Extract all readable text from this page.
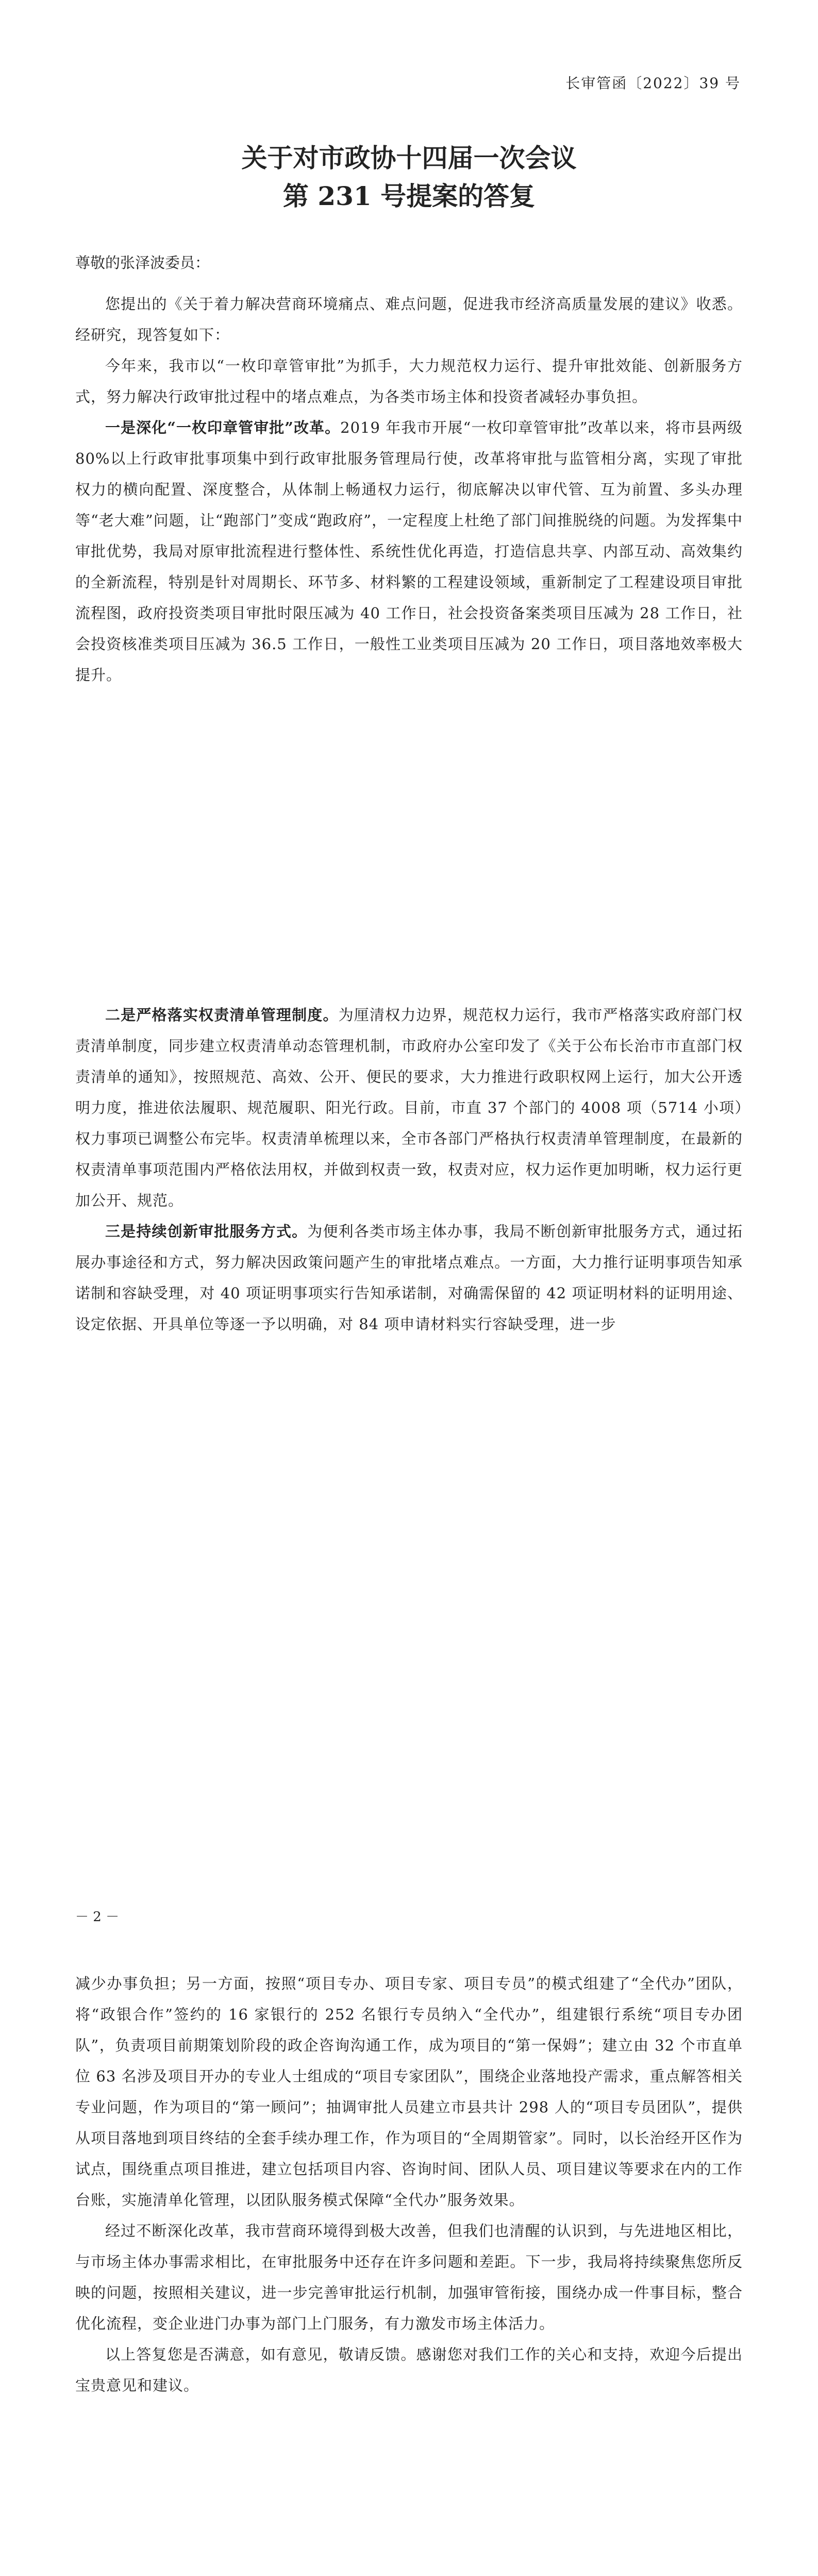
长审管函〔2022〕39 号
关于对市政协十四届一次会议
第 231 号提案的答复
尊敬的张泽波委员：

您提出的《关于着力解决营商环境痛点、难点问题，促进我市经济高质量发展的建议》收悉。经研究，现答复如下：

今年来，我市以“一枚印章管审批”为抓手，大力规范权力运行、提升审批效能、创新服务方式，努力解决行政审批过程中的堵点难点，为各类市场主体和投资者减轻办事负担。

一是深化“一枚印章管审批”改革。2019 年我市开展“一枚印章管审批”改革以来，将市县两级 80%以上行政审批事项集中到行政审批服务管理局行使，改革将审批与监管相分离，实现了审批权力的横向配置、深度整合，从体制上畅通权力运行，彻底解决以审代管、互为前置、多头办理等“老大难”问题，让“跑部门”变成“跑政府”，一定程度上杜绝了部门间推脱绕的问题。为发挥集中审批优势，我局对原审批流程进行整体性、系统性优化再造，打造信息共享、内部互动、高效集约的全新流程，特别是针对周期长、环节多、材料繁的工程建设领域，重新制定了工程建设项目审批流程图，政府投资类项目审批时限压减为 40 工作日，社会投资备案类项目压减为 28 工作日，社会投资核准类项目压减为 36.5 工作日，一般性工业类项目压减为 20 工作日，项目落地效率极大提升。

二是严格落实权责清单管理制度。为厘清权力边界，规范权力运行，我市严格落实政府部门权责清单制度，同步建立权责清单动态管理机制，市政府办公室印发了《关于公布长治市市直部门权责清单的通知》，按照规范、高效、公开、便民的要求，大力推进行政职权网上运行，加大公开透明力度，推进依法履职、规范履职、阳光行政。目前，市直 37 个部门的 4008 项（5714 小项）权力事项已调整公布完毕。权责清单梳理以来，全市各部门严格执行权责清单管理制度，在最新的权责清单事项范围内严格依法用权，并做到权责一致，权责对应，权力运作更加明晰，权力运行更加公开、规范。

三是持续创新审批服务方式。为便利各类市场主体办事，我局不断创新审批服务方式，通过拓展办事途径和方式，努力解决因政策问题产生的审批堵点难点。一方面，大力推行证明事项告知承诺制和容缺受理，对 40 项证明事项实行告知承诺制，对确需保留的 42 项证明材料的证明用途、设定依据、开具单位等逐一予以明确，对 84 项申请材料实行容缺受理，进一步

－ 2 －

减少办事负担；另一方面，按照“项目专办、项目专家、项目专员”的模式组建了“全代办”团队，将“政银合作”签约的 16 家银行的 252 名银行专员纳入“全代办”，组建银行系统“项目专办团队”，负责项目前期策划阶段的政企咨询沟通工作，成为项目的“第一保姆”；建立由 32 个市直单位 63 名涉及项目开办的专业人士组成的“项目专家团队”，围绕企业落地投产需求，重点解答相关专业问题，作为项目的“第一顾问”；抽调审批人员建立市县共计 298 人的“项目专员团队”，提供从项目落地到项目终结的全套手续办理工作，作为项目的“全周期管家”。同时，以长治经开区作为试点，围绕重点项目推进，建立包括项目内容、咨询时间、团队人员、项目建议等要求在内的工作台账，实施清单化管理，以团队服务模式保障“全代办”服务效果。

经过不断深化改革，我市营商环境得到极大改善，但我们也清醒的认识到，与先进地区相比，与市场主体办事需求相比，在审批服务中还存在许多问题和差距。下一步，我局将持续聚焦您所反映的问题，按照相关建议，进一步完善审批运行机制，加强审管衔接，围绕办成一件事目标，整合优化流程，变企业进门办事为部门上门服务，有力激发市场主体活力。

以上答复您是否满意，如有意见，敬请反馈。感谢您对我们工作的关心和支持，欢迎今后提出宝贵意见和建议。
